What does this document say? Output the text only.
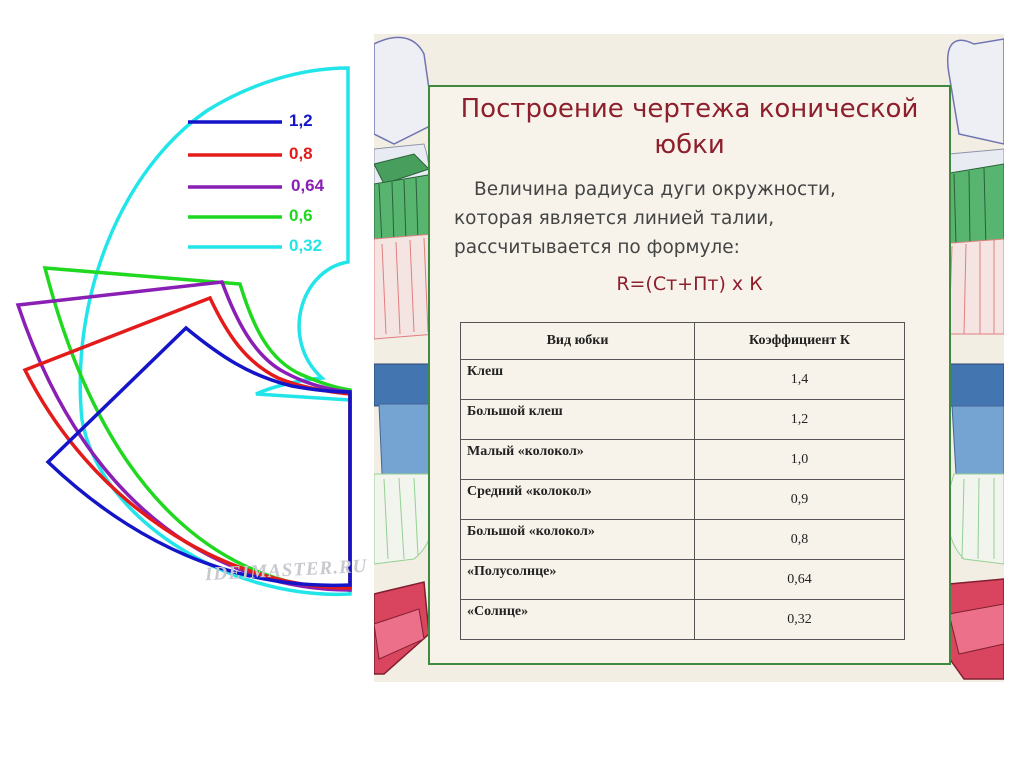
1,2
0,8
0,64
0,6
0,32
IDEIMASTER.RU
Построение чертежа конической
юбки

Величина радиуса дуги окружности,
которая является линией талии,
рассчитывается по формуле:

R=(Ст+Пт) х К

Вид юбки	Коэффициент К
Клеш	1,4
Большой клеш	1,2
Малый «колокол»	1,0
Средний «колокол»	0,9
Большой «колокол»	0,8
«Полусолнце»	0,64
«Солнце»	0,32
